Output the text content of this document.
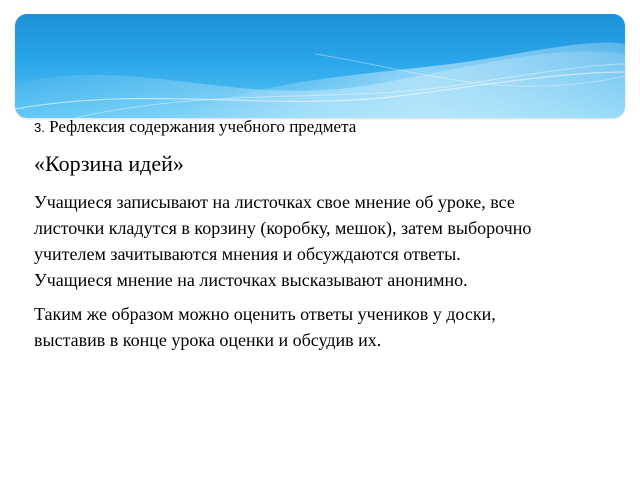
3. Рефлексия содержания учебного предмета

«Корзина идей»

Учащиеся записывают на листочках свое мнение об уроке, все листочки кладутся в корзину (коробку, мешок), затем выборочно учителем зачитываются мнения и обсуждаются ответы. Учащиеся мнение на листочках высказывают анонимно.

Таким же образом можно оценить ответы учеников у доски, выставив в конце урока оценки и обсудив их.
